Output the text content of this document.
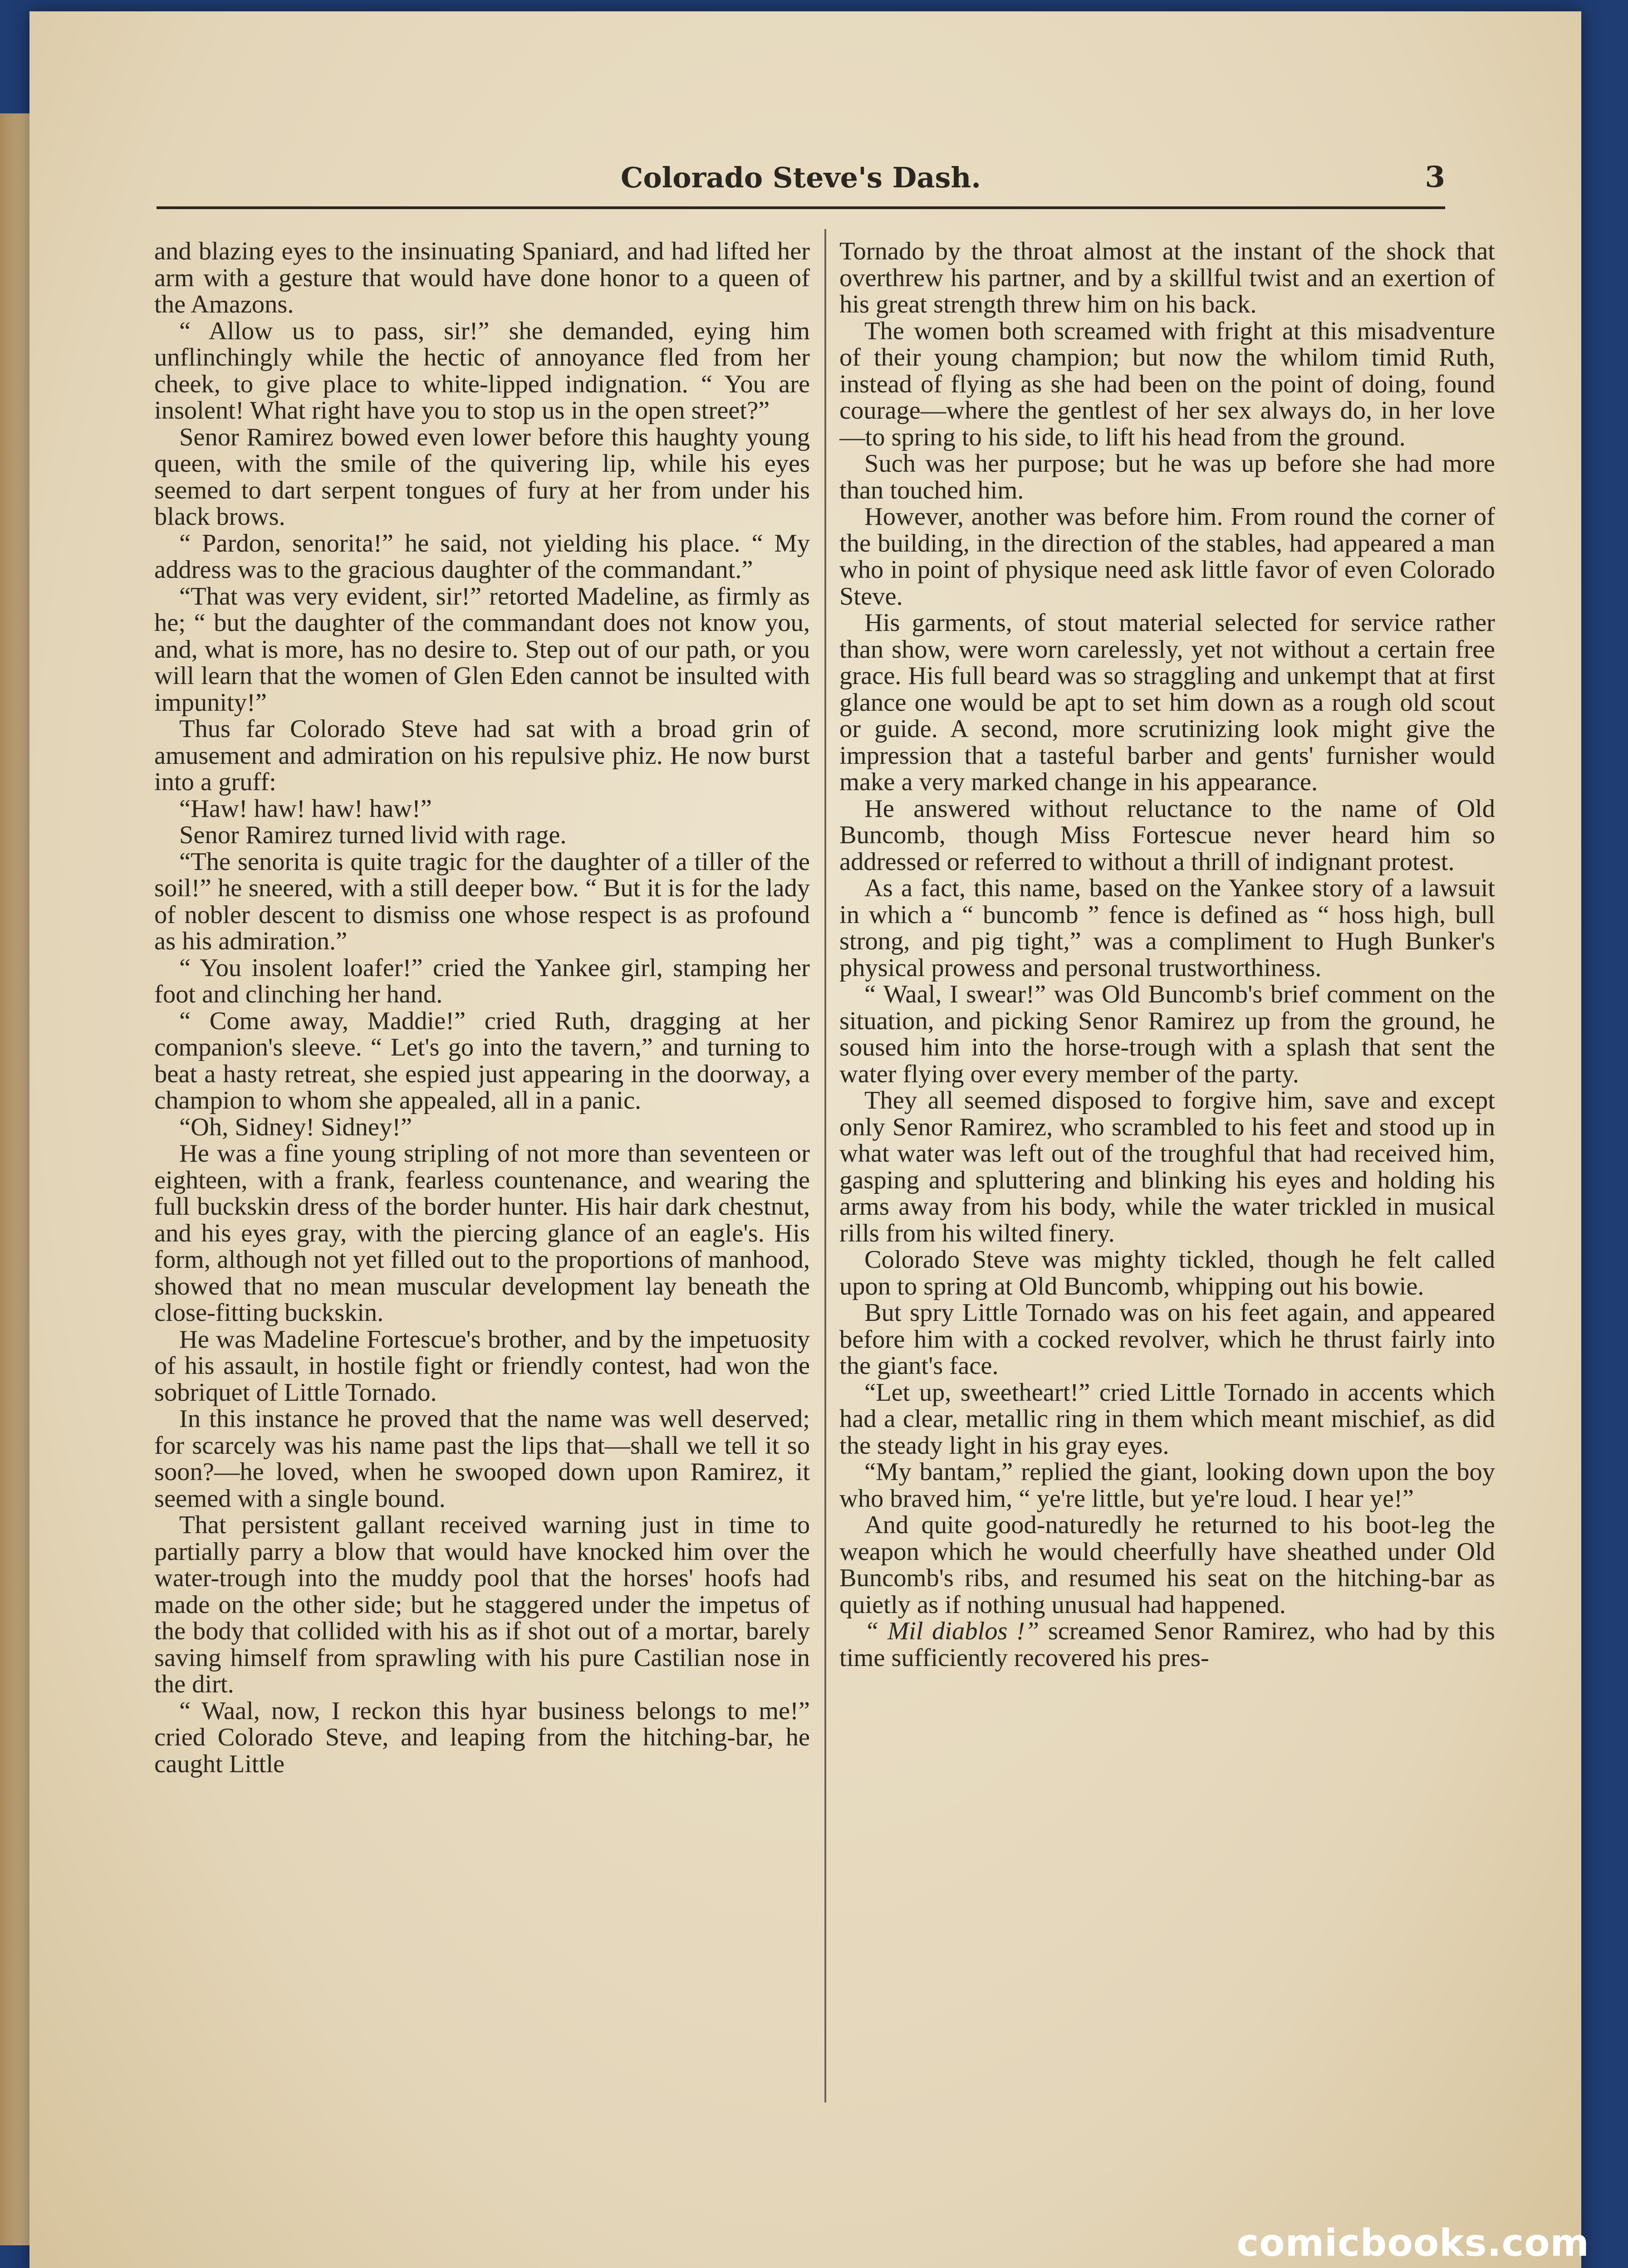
Colorado Steve's Dash.	3

and blazing eyes to the insinuating Spaniard, and had lifted her arm with a gesture that would have done honor to a queen of the Amazons.

“ Allow us to pass, sir!” she demanded, eying him unflinchingly while the hectic of annoyance fled from her cheek, to give place to white-lipped indignation. “ You are insolent! What right have you to stop us in the open street?”

Senor Ramirez bowed even lower before this haughty young queen, with the smile of the quivering lip, while his eyes seemed to dart serpent tongues of fury at her from under his black brows.

“ Pardon, senorita!” he said, not yielding his place. “ My address was to the gracious daughter of the commandant.”

“That was very evident, sir!” retorted Madeline, as firmly as he; “ but the daughter of the commandant does not know you, and, what is more, has no desire to. Step out of our path, or you will learn that the women of Glen Eden cannot be insulted with impunity!”

Thus far Colorado Steve had sat with a broad grin of amusement and admiration on his repulsive phiz. He now burst into a gruff:

“Haw! haw! haw! haw!”

Senor Ramirez turned livid with rage.

“The senorita is quite tragic for the daughter of a tiller of the soil!” he sneered, with a still deeper bow. “ But it is for the lady of nobler descent to dismiss one whose respect is as profound as his admiration.”

“ You insolent loafer!” cried the Yankee girl, stamping her foot and clinching her hand.

“ Come away, Maddie!” cried Ruth, dragging at her companion's sleeve. “ Let's go into the tavern,” and turning to beat a hasty retreat, she espied just appearing in the doorway, a champion to whom she appealed, all in a panic.

“Oh, Sidney! Sidney!”

He was a fine young stripling of not more than seventeen or eighteen, with a frank, fearless countenance, and wearing the full buckskin dress of the border hunter. His hair dark chestnut, and his eyes gray, with the piercing glance of an eagle's. His form, although not yet filled out to the proportions of manhood, showed that no mean muscular development lay beneath the close-fitting buckskin.

He was Madeline Fortescue's brother, and by the impetuosity of his assault, in hostile fight or friendly contest, had won the sobriquet of Little Tornado.

In this instance he proved that the name was well deserved; for scarcely was his name past the lips that—shall we tell it so soon?—he loved, when he swooped down upon Ramirez, it seemed with a single bound.

That persistent gallant received warning just in time to partially parry a blow that would have knocked him over the water-trough into the muddy pool that the horses' hoofs had made on the other side; but he staggered under the impetus of the body that collided with his as if shot out of a mortar, barely saving himself from sprawling with his pure Castilian nose in the dirt.

“ Waal, now, I reckon this hyar business belongs to me!” cried Colorado Steve, and leaping from the hitching-bar, he caught Little

Tornado by the throat almost at the instant of the shock that overthrew his partner, and by a skillful twist and an exertion of his great strength threw him on his back.

The women both screamed with fright at this misadventure of their young champion; but now the whilom timid Ruth, instead of flying as she had been on the point of doing, found courage—where the gentlest of her sex always do, in her love—to spring to his side, to lift his head from the ground.

Such was her purpose; but he was up before she had more than touched him.

However, another was before him. From round the corner of the building, in the direction of the stables, had appeared a man who in point of physique need ask little favor of even Colorado Steve.

His garments, of stout material selected for service rather than show, were worn carelessly, yet not without a certain free grace. His full beard was so straggling and unkempt that at first glance one would be apt to set him down as a rough old scout or guide. A second, more scrutinizing look might give the impression that a tasteful barber and gents' furnisher would make a very marked change in his appearance.

He answered without reluctance to the name of Old Buncomb, though Miss Fortescue never heard him so addressed or referred to without a thrill of indignant protest.

As a fact, this name, based on the Yankee story of a lawsuit in which a “ buncomb ” fence is defined as “ hoss high, bull strong, and pig tight,” was a compliment to Hugh Bunker's physical prowess and personal trustworthiness.

“ Waal, I swear!” was Old Buncomb's brief comment on the situation, and picking Senor Ramirez up from the ground, he soused him into the horse-trough with a splash that sent the water flying over every member of the party.

They all seemed disposed to forgive him, save and except only Senor Ramirez, who scrambled to his feet and stood up in what water was left out of the troughful that had received him, gasping and spluttering and blinking his eyes and holding his arms away from his body, while the water trickled in musical rills from his wilted finery.

Colorado Steve was mighty tickled, though he felt called upon to spring at Old Buncomb, whipping out his bowie.

But spry Little Tornado was on his feet again, and appeared before him with a cocked revolver, which he thrust fairly into the giant's face.

“Let up, sweetheart!” cried Little Tornado in accents which had a clear, metallic ring in them which meant mischief, as did the steady light in his gray eyes.

“My bantam,” replied the giant, looking down upon the boy who braved him, “ ye're little, but ye're loud. I hear ye!”

And quite good-naturedly he returned to his boot-leg the weapon which he would cheerfully have sheathed under Old Buncomb's ribs, and resumed his seat on the hitching-bar as quietly as if nothing unusual had happened.

“ Mil diablos !” screamed Senor Ramirez, who had by this time sufficiently recovered his pres-

comicbooks.com
